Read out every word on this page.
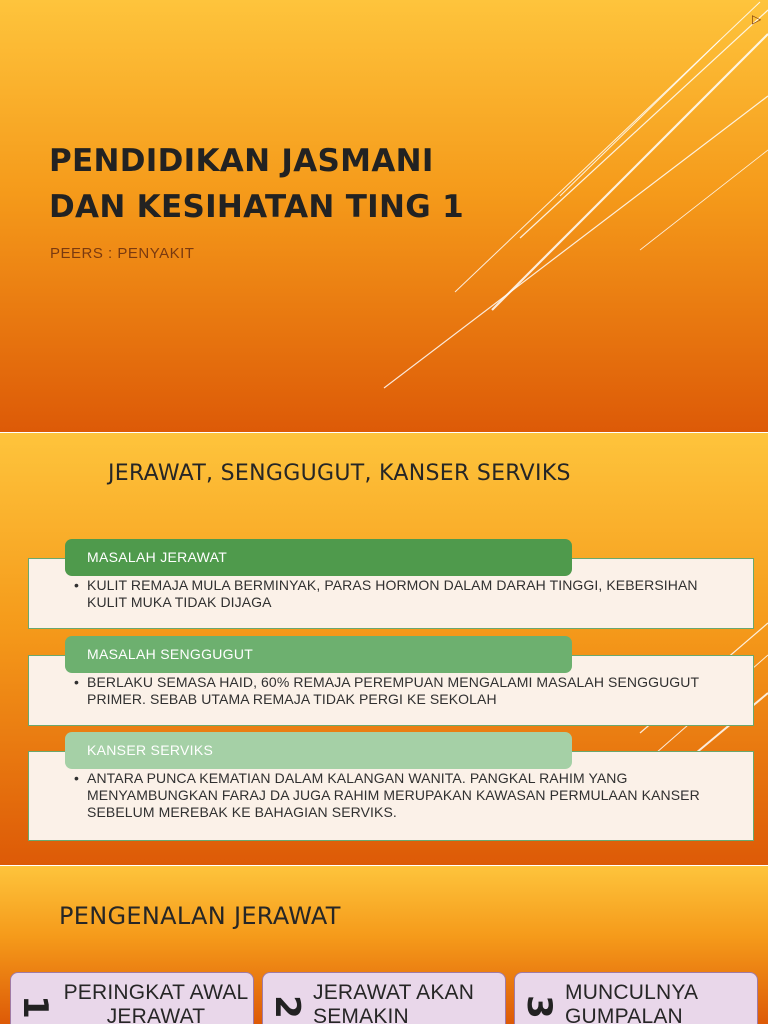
▷
PENDIDIKAN JASMANI
DAN KESIHATAN TING 1
PEERS : PENYAKIT
JERAWAT, SENGGUGUT, KANSER SERVIKS
• KULIT REMAJA MULA BERMINYAK, PARAS HORMON DALAM DARAH TINGGI, KEBERSIHAN KULIT MUKA TIDAK DIJAGA
MASALAH JERAWAT
• BERLAKU SEMASA HAID, 60% REMAJA PEREMPUAN MENGALAMI MASALAH SENGGUGUT PRIMER. SEBAB UTAMA REMAJA TIDAK PERGI KE SEKOLAH
MASALAH SENGGUGUT
• ANTARA PUNCA KEMATIAN DALAM KALANGAN WANITA. PANGKAL RAHIM YANG MENYAMBUNGKAN FARAJ DA JUGA RAHIM MERUPAKAN KAWASAN PERMULAAN KANSER SEBELUM MEREBAK KE BAHAGIAN SERVIKS.
KANSER SERVIKS
PENGENALAN JERAWAT
1
PERINGKAT AWAL JERAWAT	2
JERAWAT AKAN SEMAKIN	3
MUNCULNYA GUMPALAN
